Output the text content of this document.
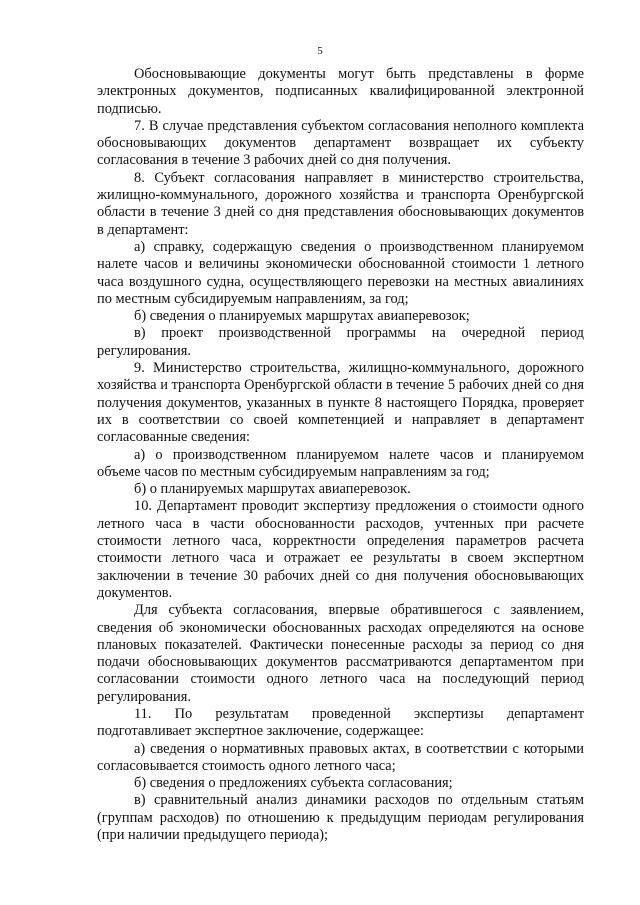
5

Обосновывающие документы могут быть представлены в форме электронных документов, подписанных квалифицированной электронной подписью.

7. В случае представления субъектом согласования неполного комплекта обосновывающих документов департамент возвращает их субъекту согласования в течение 3 рабочих дней со дня получения.

8. Субъект согласования направляет в министерство строительства, жилищно-коммунального, дорожного хозяйства и транспорта Оренбургской области в течение 3 дней со дня представления обосновывающих документов в департамент:

а) справку, содержащую сведения о производственном планируемом налете часов и величины экономически обоснованной стоимости 1 летного часа воздушного судна, осуществляющего перевозки на местных авиалиниях по местным субсидируемым направлениям, за год;

б) сведения о планируемых маршрутах авиаперевозок;

в) проект производственной программы на очередной период регулирования.

9. Министерство строительства, жилищно-коммунального, дорожного хозяйства и транспорта Оренбургской области в течение 5 рабочих дней со дня получения документов, указанных в пункте 8 настоящего Порядка, проверяет их в соответствии со своей компетенцией и направляет в департамент согласованные сведения:

а) о производственном планируемом налете часов и планируемом объеме часов по местным субсидируемым направлениям за год;

б) о планируемых маршрутах авиаперевозок.

10. Департамент проводит экспертизу предложения о стоимости одного летного часа в части обоснованности расходов, учтенных при расчете стоимости летного часа, корректности определения параметров расчета стоимости летного часа и отражает ее результаты в своем экспертном заключении в течение 30 рабочих дней со дня получения обосновывающих документов.

Для субъекта согласования, впервые обратившегося с заявлением, сведения об экономически обоснованных расходах определяются на основе плановых показателей. Фактически понесенные расходы за период со дня подачи обосновывающих документов рассматриваются департаментом при согласовании стоимости одного летного часа на последующий период регулирования.

11. По результатам проведенной экспертизы департамент подготавливает экспертное заключение, содержащее:

а) сведения о нормативных правовых актах, в соответствии с которыми согласовывается стоимость одного летного часа;

б) сведения о предложениях субъекта согласования;

в) сравнительный анализ динамики расходов по отдельным статьям (группам расходов) по отношению к предыдущим периодам регулирования (при наличии предыдущего периода);
